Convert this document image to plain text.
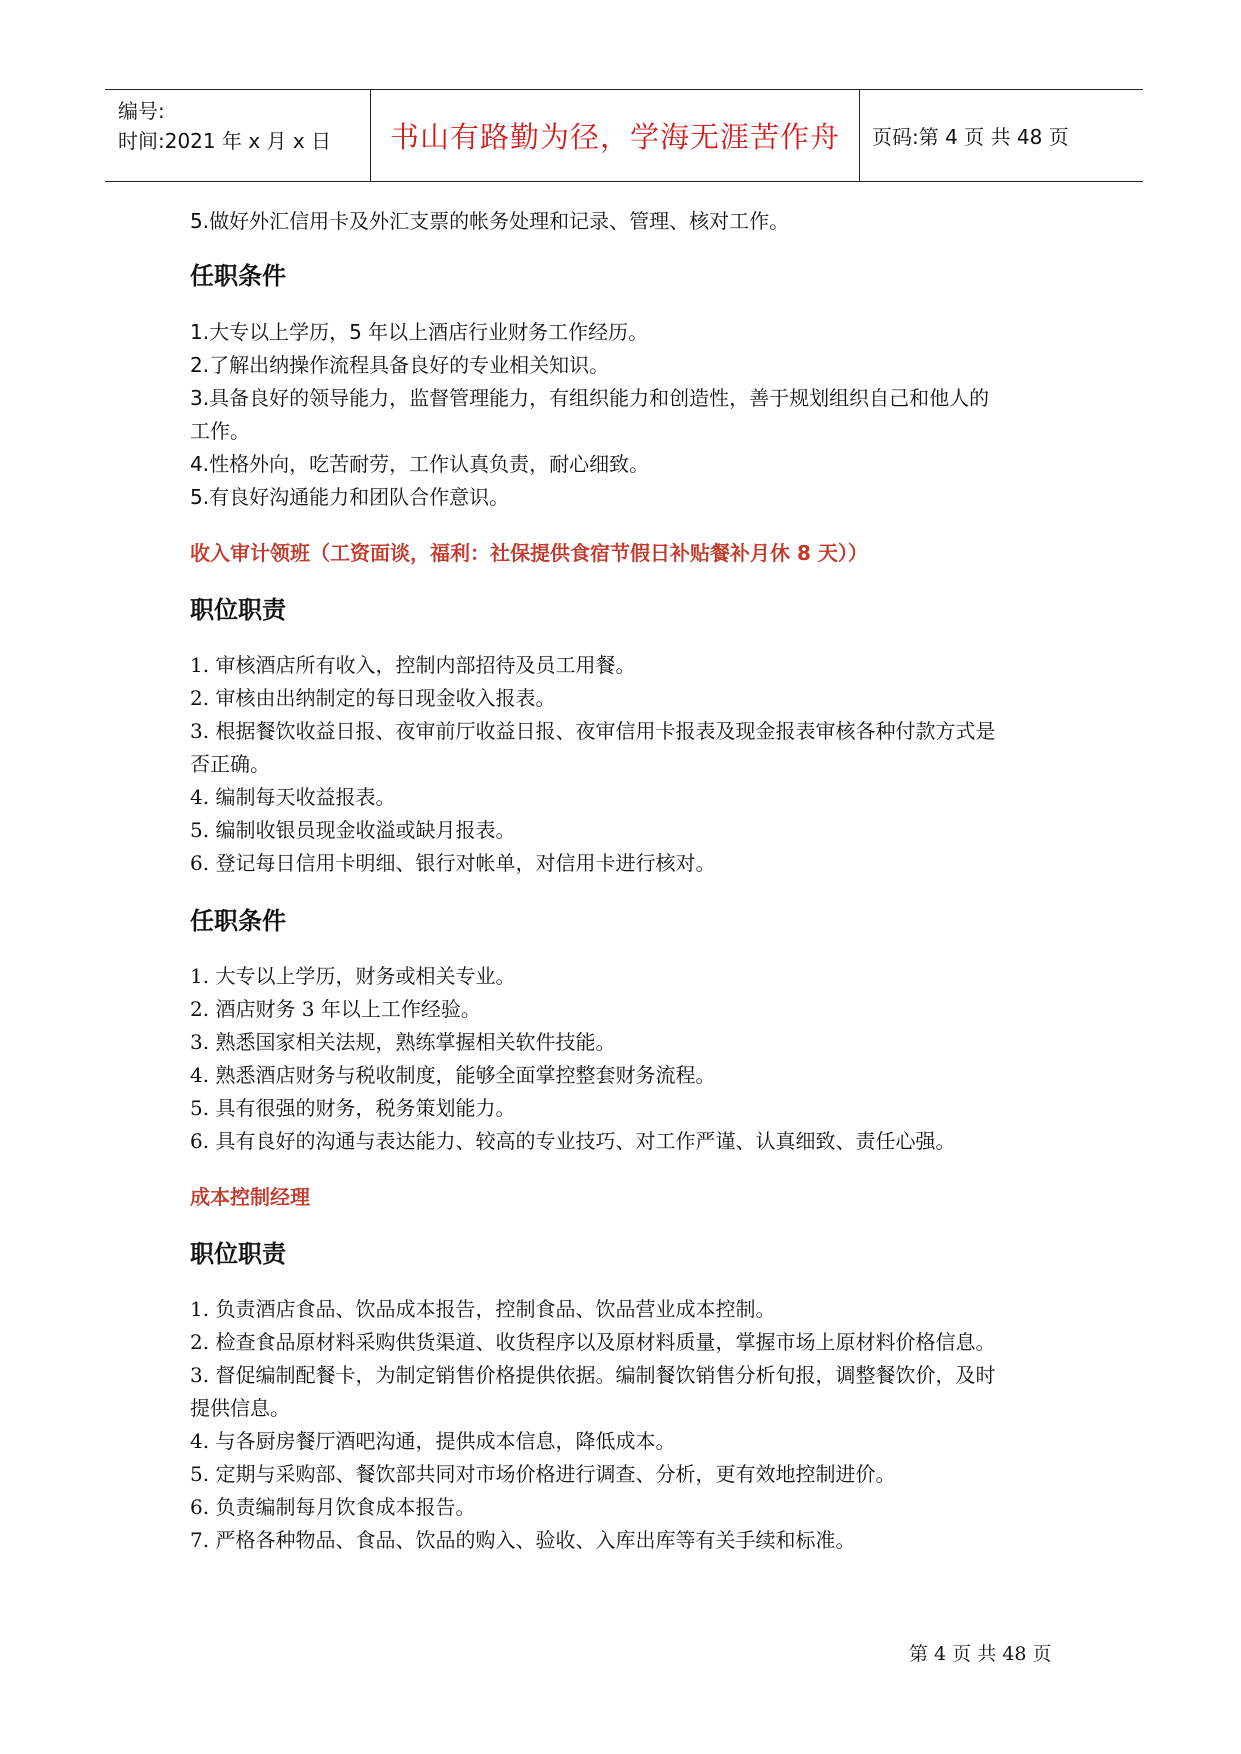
编号:
时间:2021 年 x 月 x 日	书山有路勤为径，学海无涯苦作舟	页码:第 4 页 共 48 页
5.做好外汇信用卡及外汇支票的帐务处理和记录、管理、核对工作。
任职条件
1.大专以上学历，5 年以上酒店行业财务工作经历。
2.了解出纳操作流程具备良好的专业相关知识。
3.具备良好的领导能力，监督管理能力，有组织能力和创造性，善于规划组织自己和他人的
工作。
4.性格外向，吃苦耐劳，工作认真负责，耐心细致。
5.有良好沟通能力和团队合作意识。
收入审计领班（工资面谈，福利：社保提供食宿节假日补贴餐补月休 8 天））
职位职责
1. 审核酒店所有收入，控制内部招待及员工用餐。
2. 审核由出纳制定的每日现金收入报表。
3. 根据餐饮收益日报、夜审前厅收益日报、夜审信用卡报表及现金报表审核各种付款方式是
否正确。
4. 编制每天收益报表。
5. 编制收银员现金收溢或缺月报表。
6. 登记每日信用卡明细、银行对帐单，对信用卡进行核对。
任职条件
1. 大专以上学历，财务或相关专业。
2. 酒店财务 3 年以上工作经验。
3. 熟悉国家相关法规，熟练掌握相关软件技能。
4. 熟悉酒店财务与税收制度，能够全面掌控整套财务流程。
5. 具有很强的财务，税务策划能力。
6. 具有良好的沟通与表达能力、较高的专业技巧、对工作严谨、认真细致、责任心强。
成本控制经理
职位职责
1. 负责酒店食品、饮品成本报告，控制食品、饮品营业成本控制。
2. 检查食品原材料采购供货渠道、收货程序以及原材料质量，掌握市场上原材料价格信息。
3. 督促编制配餐卡，为制定销售价格提供依据。编制餐饮销售分析旬报，调整餐饮价，及时
提供信息。
4. 与各厨房餐厅酒吧沟通，提供成本信息，降低成本。
5. 定期与采购部、餐饮部共同对市场价格进行调查、分析，更有效地控制进价。
6. 负责编制每月饮食成本报告。
7. 严格各种物品、食品、饮品的购入、验收、入库出库等有关手续和标准。
第 4 页 共 48 页
